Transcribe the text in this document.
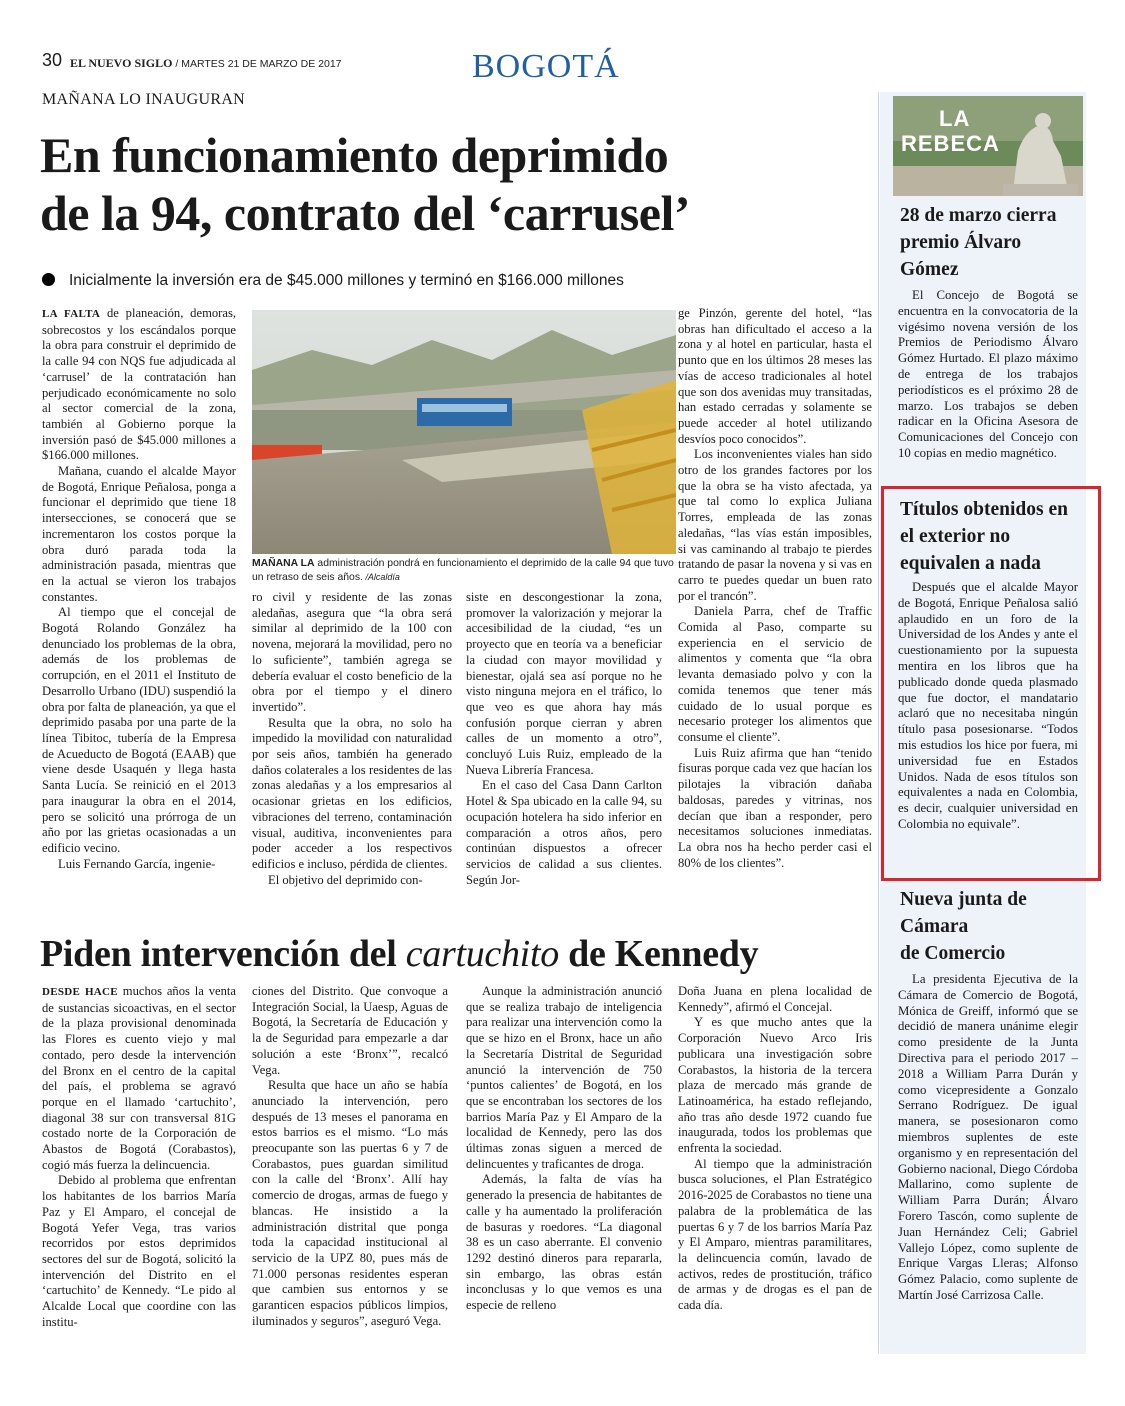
30 EL NUEVO SIGLO / MARTES 21 DE MARZO DE 2017	BOGOTÁ
MAÑANA LO INAUGURAN
En funcionamiento deprimido
de la 94, contrato del ‘carrusel’
Inicialmente la inversión era de $45.000 millones y terminó en $166.000 millones

LA FALTA de planeación, demoras, sobrecostos y los escándalos porque la obra para construir el deprimido de la calle 94 con NQS fue adjudicada al ‘carrusel’ de la contratación han perjudicado económicamente no solo al sector comercial de la zona, también al Gobierno porque la inversión pasó de $45.000 millones a $166.000 millones.

Mañana, cuando el alcalde Mayor de Bogotá, Enrique Peñalosa, ponga a funcionar el deprimido que tiene 18 intersecciones, se conocerá que se incrementaron los costos porque la obra duró parada toda la administración pasada, mientras que en la actual se vieron los trabajos constantes.

Al tiempo que el concejal de Bogotá Rolando González ha denunciado los problemas de la obra, además de los problemas de corrupción, en el 2011 el Instituto de Desarrollo Urbano (IDU) suspendió la obra por falta de planeación, ya que el deprimido pasaba por una parte de la línea Tibitoc, tubería de la Empresa de Acueducto de Bogotá (EAAB) que viene desde Usaquén y llega hasta Santa Lucía. Se reinició en el 2013 para inaugurar la obra en el 2014, pero se solicitó una prórroga de un año por las grietas ocasionadas a un edificio vecino.

Luis Fernando García, ingenie-

MAÑANA LA administración pondrá en funcionamiento el deprimido de la calle 94 que tuvo un retraso de seis años. /Alcaldía

ro civil y residente de las zonas aledañas, asegura que “la obra será similar al deprimido de la 100 con novena, mejorará la movilidad, pero no lo suficiente”, también agrega se debería evaluar el costo beneficio de la obra por el tiempo y el dinero invertido”.

Resulta que la obra, no solo ha impedido la movilidad con naturalidad por seis años, también ha generado daños colaterales a los residentes de las zonas aledañas y a los empresarios al ocasionar grietas en los edificios, vibraciones del terreno, contaminación visual, auditiva, inconvenientes para poder acceder a los respectivos edificios e incluso, pérdida de clientes.

El objetivo del deprimido con-

siste en descongestionar la zona, promover la valorización y mejorar la accesibilidad de la ciudad, “es un proyecto que en teoría va a beneficiar la ciudad con mayor movilidad y bienestar, ojalá sea así porque no he visto ninguna mejora en el tráfico, lo que veo es que ahora hay más confusión porque cierran y abren calles de un momento a otro”, concluyó Luis Ruiz, empleado de la Nueva Librería Francesa.

En el caso del Casa Dann Carlton Hotel & Spa ubicado en la calle 94, su ocupación hotelera ha sido inferior en comparación a otros años, pero continúan dispuestos a ofrecer servicios de calidad a sus clientes. Según Jor-

ge Pinzón, gerente del hotel, “las obras han dificultado el acceso a la zona y al hotel en particular, hasta el punto que en los últimos 28 meses las vías de acceso tradicionales al hotel que son dos avenidas muy transitadas, han estado cerradas y solamente se puede acceder al hotel utilizando desvíos poco conocidos”.

Los inconvenientes viales han sido otro de los grandes factores por los que la obra se ha visto afectada, ya que tal como lo explica Juliana Torres, empleada de las zonas aledañas, “las vías están imposibles, si vas caminando al trabajo te pierdes tratando de pasar la novena y si vas en carro te puedes quedar un buen rato por el trancón”.

Daniela Parra, chef de Traffic Comida al Paso, comparte su experiencia en el servicio de alimentos y comenta que “la obra levanta demasiado polvo y con la comida tenemos que tener más cuidado de lo usual porque es necesario proteger los alimentos que consume el cliente”.

Luis Ruiz afirma que han “tenido fisuras porque cada vez que hacían los pilotajes la vibración dañaba baldosas, paredes y vitrinas, nos decían que iban a responder, pero necesitamos soluciones inmediatas. La obra nos ha hecho perder casi el 80% de los clientes”.

Piden intervención del cartuchito de Kennedy

DESDE HACE muchos años la venta de sustancias sicoactivas, en el sector de la plaza provisional denominada las Flores es cuento viejo y mal contado, pero desde la intervención del Bronx en el centro de la capital del país, el problema se agravó porque en el llamado ‘cartuchito’, diagonal 38 sur con transversal 81G costado norte de la Corporación de Abastos de Bogotá (Corabastos), cogió más fuerza la delincuencia.

Debido al problema que enfrentan los habitantes de los barrios María Paz y El Amparo, el concejal de Bogotá Yefer Vega, tras varios recorridos por estos deprimidos sectores del sur de Bogotá, solicitó la intervención del Distrito en el ‘cartuchito’ de Kennedy. “Le pido al Alcalde Local que coordine con las institu-

ciones del Distrito. Que convoque a Integración Social, la Uaesp, Aguas de Bogotá, la Secretaría de Educación y la de Seguridad para empezarle a dar solución a este ‘Bronx’”, recalcó Vega.

Resulta que hace un año se había anunciado la intervención, pero después de 13 meses el panorama en estos barrios es el mismo. “Lo más preocupante son las puertas 6 y 7 de Corabastos, pues guardan similitud con la calle del ‘Bronx’. Allí hay comercio de drogas, armas de fuego y blancas. He insistido a la administración distrital que ponga toda la capacidad institucional al servicio de la UPZ 80, pues más de 71.000 personas residentes esperan que cambien sus entornos y se garanticen espacios públicos limpios, iluminados y seguros”, aseguró Vega.

Aunque la administración anunció que se realiza trabajo de inteligencia para realizar una intervención como la que se hizo en el Bronx, hace un año la Secretaría Distrital de Seguridad anunció la intervención de 750 ‘puntos calientes’ de Bogotá, en los que se encontraban los sectores de los barrios María Paz y El Amparo de la localidad de Kennedy, pero las dos últimas zonas siguen a merced de delincuentes y traficantes de droga.

Además, la falta de vías ha generado la presencia de habitantes de calle y ha aumentado la proliferación de basuras y roedores. “La diagonal 38 es un caso aberrante. El convenio 1292 destinó dineros para repararla, sin embargo, las obras están inconclusas y lo que vemos es una especie de relleno

Doña Juana en plena localidad de Kennedy”, afirmó el Concejal.

Y es que mucho antes que la Corporación Nuevo Arco Iris publicara una investigación sobre Corabastos, la historia de la tercera plaza de mercado más grande de Latinoamérica, ha estado reflejando, año tras año desde 1972 cuando fue inaugurada, todos los problemas que enfrenta la sociedad.

Al tiempo que la administración busca soluciones, el Plan Estratégico 2016-2025 de Corabastos no tiene una palabra de la problemática de las puertas 6 y 7 de los barrios María Paz y El Amparo, mientras paramilitares, la delincuencia común, lavado de activos, redes de prostitución, tráfico de armas y de drogas es el pan de cada día.

LA
REBECA
28 de marzo cierra premio Álvaro Gómez

El Concejo de Bogotá se encuentra en la convocatoria de la vigésimo novena versión de los Premios de Periodismo Álvaro Gómez Hurtado. El plazo máximo de entrega de los trabajos periodísticos es el próximo 28 de marzo. Los trabajos se deben radicar en la Oficina Asesora de Comunicaciones del Concejo con 10 copias en medio magnético.

Títulos obtenidos en el exterior no equivalen a nada

Después que el alcalde Mayor de Bogotá, Enrique Peñalosa salió aplaudido en un foro de la Universidad de los Andes y ante el cuestionamiento por la supuesta mentira en los libros que ha publicado donde queda plasmado que fue doctor, el mandatario aclaró que no necesitaba ningún título pasa posesionarse. “Todos mis estudios los hice por fuera, mi universidad fue en Estados Unidos. Nada de esos títulos son equivalentes a nada en Colombia, es decir, cualquier universidad en Colombia no equivale”.

Nueva junta de
Cámara
de Comercio

La presidenta Ejecutiva de la Cámara de Comercio de Bogotá, Mónica de Greiff, informó que se decidió de manera unánime elegir como presidente de la Junta Directiva para el periodo 2017 – 2018 a William Parra Durán y como vicepresidente a Gonzalo Serrano Rodríguez. De igual manera, se posesionaron como miembros suplentes de este organismo y en representación del Gobierno nacional, Diego Córdoba Mallarino, como suplente de William Parra Durán; Álvaro Forero Tascón, como suplente de Juan Hernández Celi; Gabriel Vallejo López, como suplente de Enrique Vargas Lleras; Alfonso Gómez Palacio, como suplente de Martín José Carrizosa Calle.
